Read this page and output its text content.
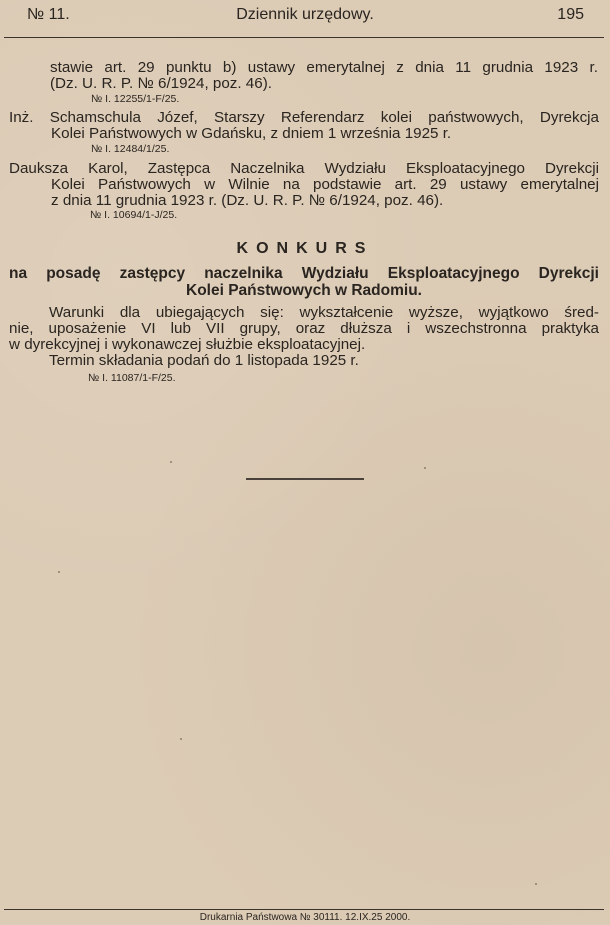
№ 11.	Dziennik urzędowy.	195
stawie art. 29 punktu b) ustawy emerytalnej z dnia 11 grudnia 1923 r.
(Dz. U. R. P. № 6/1924, poz. 46).
№ I. 12255/1-F/25.
Inż. Schamschula Józef, Starszy Referendarz kolei państwowych, Dyrekcja
Kolei Państwowych w Gdańsku, z dniem 1 września 1925 r.
№ I. 12484/1/25.
Dauksza Karol, Zastępca Naczelnika Wydziału Eksploatacyjnego Dyrekcji
Kolei Państwowych w Wilnie na podstawie art. 29 ustawy emerytalnej
z dnia 11 grudnia 1923 r. (Dz. U. R. P. № 6/1924, poz. 46).
№ I. 10694/1-J/25.
KONKURS
na posadę zastępcy naczelnika Wydziału Eksploatacyjnego Dyrekcji
Kolei Państwowych w Radomiu.
Warunki dla ubiegających się: wykształcenie wyższe, wyjątkowo śred-
nie, uposażenie VI lub VII grupy, oraz dłuższa i wszechstronna praktyka
w dyrekcyjnej i wykonawczej służbie eksploatacyjnej.
Termin składania podań do 1 listopada 1925 r.
№ I. 11087/1-F/25.
Drukarnia Państwowa № 30111. 12.IX.25 2000.
